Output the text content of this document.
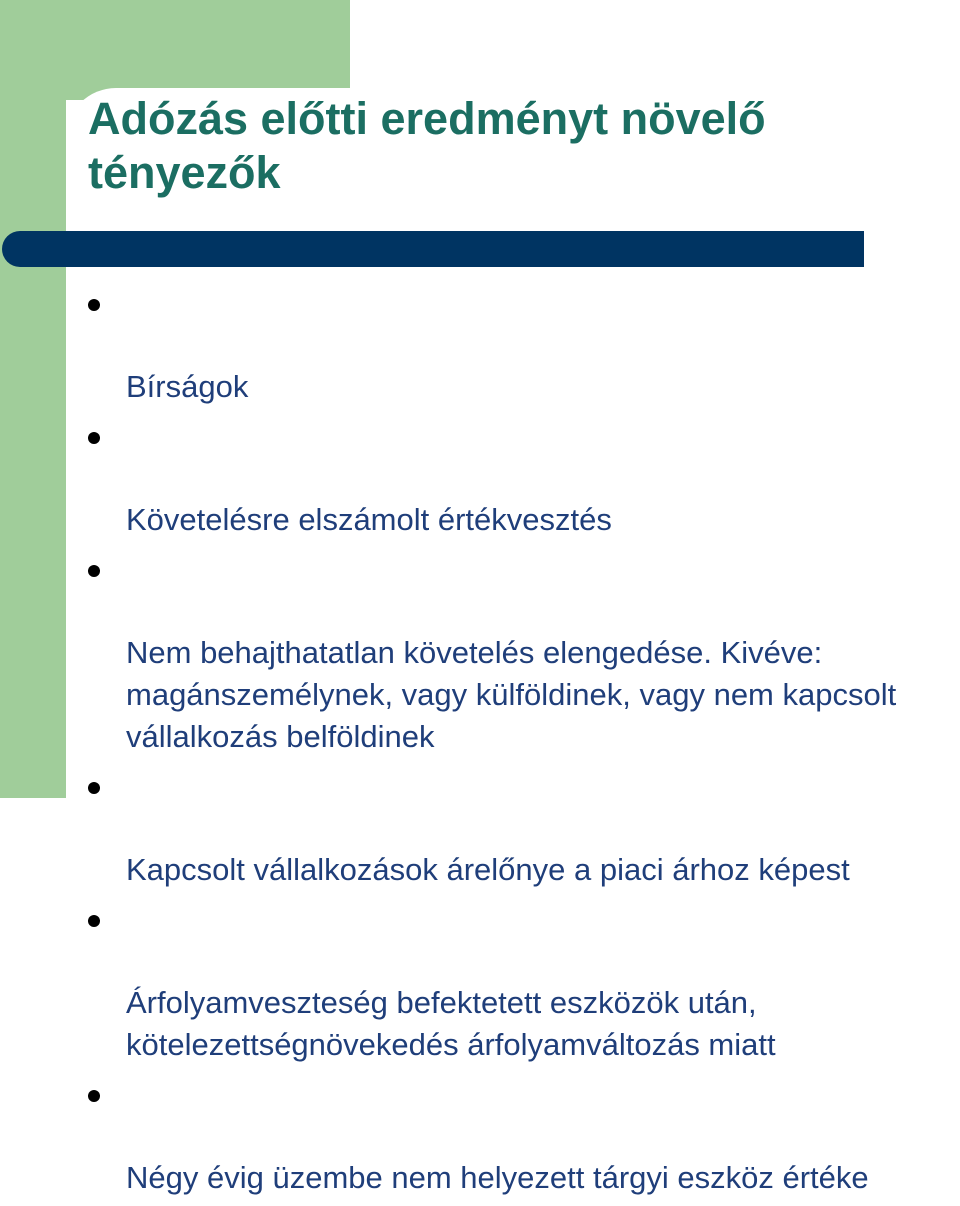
Adózás előtti eredményt növelő tényezők

Bírságok

Követelésre elszámolt értékvesztés

Nem behajthatatlan követelés elengedése. Kivéve: magánszemélynek, vagy külföldinek, vagy nem kapcsolt vállalkozás belföldinek

Kapcsolt vállalkozások árelőnye a piaci árhoz képest

Árfolyamveszteség befektetett eszközök után, kötelezettségnövekedés árfolyamváltozás miatt

Négy évig üzembe nem helyezett tárgyi eszköz értéke
